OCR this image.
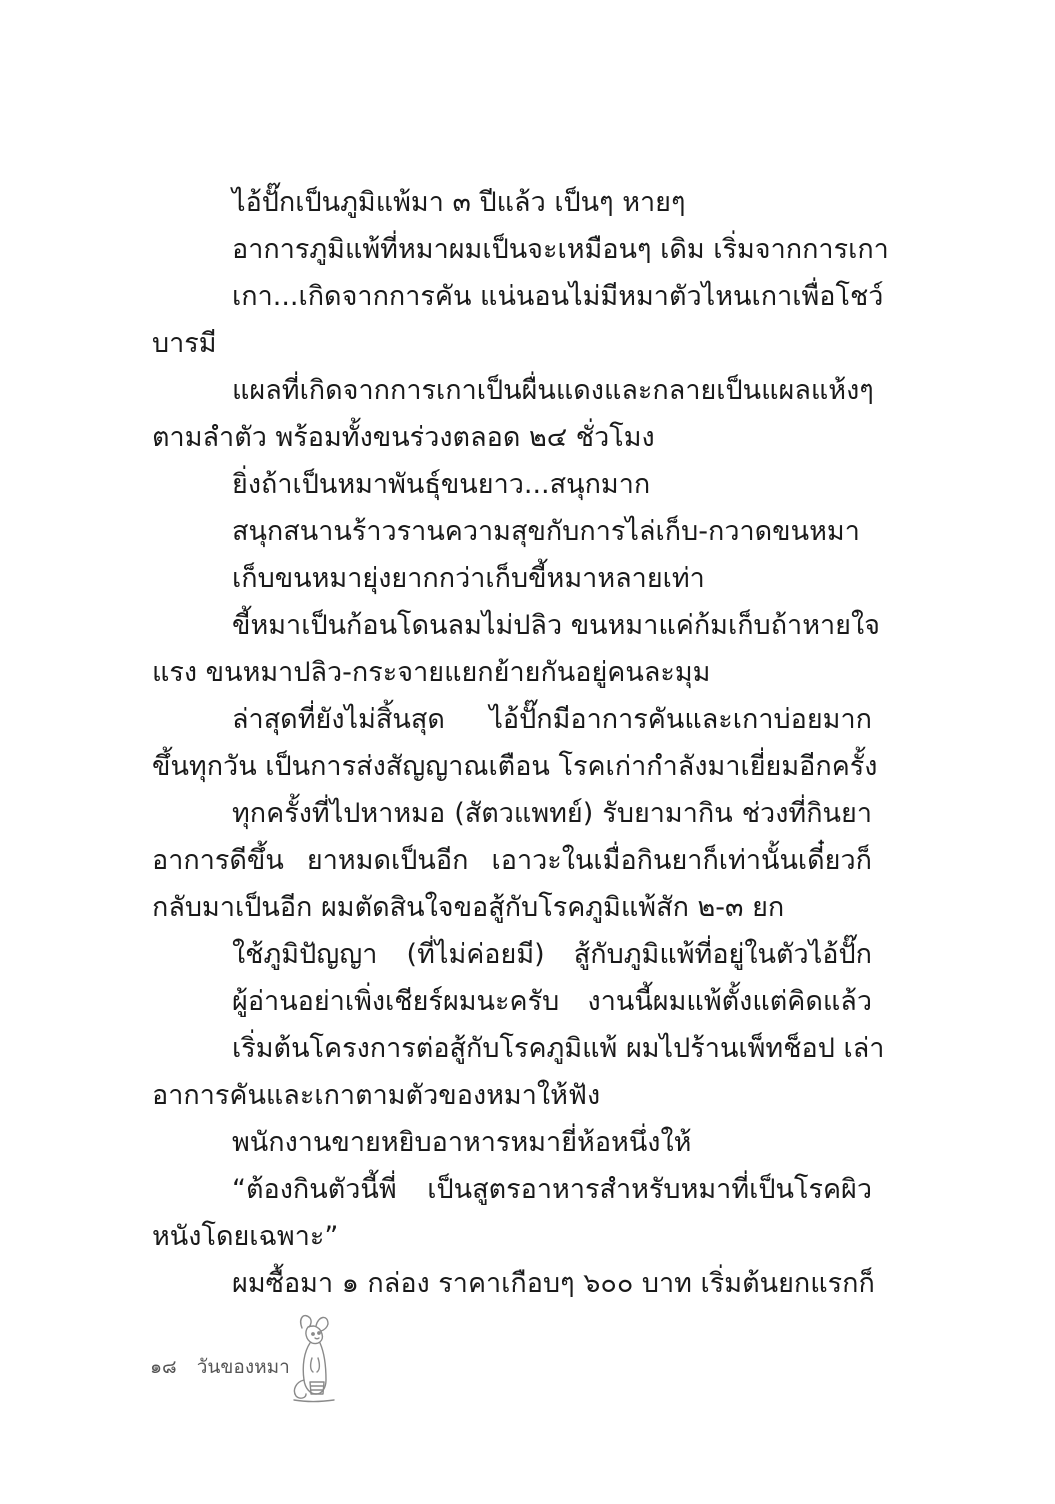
ไอ้ปั๊กเป็นภูมิแพ้มา ๓ ปีแล้ว เป็นๆ หายๆ

อาการภูมิแพ้ที่หมาผมเป็นจะเหมือนๆ เดิม เริ่มจากการเกา

เกา...เกิดจากการคัน แน่นอนไม่มีหมาตัวไหนเกาเพื่อโชว์

บารมี

แผลที่เกิดจากการเกาเป็นผื่นแดงและกลายเป็นแผลแห้งๆ

ตามลำตัว พร้อมทั้งขนร่วงตลอด ๒๔ ชั่วโมง

ยิ่งถ้าเป็นหมาพันธุ์ขนยาว...สนุกมาก

สนุกสนานร้าวรานความสุขกับการไล่เก็บ-กวาดขนหมา

เก็บขนหมายุ่งยากกว่าเก็บขี้หมาหลายเท่า

ขี้หมาเป็นก้อนโดนลมไม่ปลิว ขนหมาแค่ก้มเก็บถ้าหายใจ

แรง ขนหมาปลิว-กระจายแยกย้ายกันอยู่คนละมุม

ล่าสุดที่ยังไม่สิ้นสุด ไอ้ปั๊กมีอาการคันและเกาบ่อยมาก

ขึ้นทุกวัน เป็นการส่งสัญญาณเตือน โรคเก่ากำลังมาเยี่ยมอีกครั้ง

ทุกครั้งที่ไปหาหมอ (สัตวแพทย์) รับยามากิน ช่วงที่กินยา

อาการดีขึ้น ยาหมดเป็นอีก เอาวะในเมื่อกินยาก็เท่านั้นเดี๋ยวก็

กลับมาเป็นอีก ผมตัดสินใจขอสู้กับโรคภูมิแพ้สัก ๒-๓ ยก

ใช้ภูมิปัญญา (ที่ไม่ค่อยมี) สู้กับภูมิแพ้ที่อยู่ในตัวไอ้ปั๊ก

ผู้อ่านอย่าเพิ่งเชียร์ผมนะครับ งานนี้ผมแพ้ตั้งแต่คิดแล้ว

เริ่มต้นโครงการต่อสู้กับโรคภูมิแพ้ ผมไปร้านเพ็ทช็อป เล่า

อาการคันและเกาตามตัวของหมาให้ฟัง

พนักงานขายหยิบอาหารหมายี่ห้อหนึ่งให้

“ต้องกินตัวนี้พี่ เป็นสูตรอาหารสำหรับหมาที่เป็นโรคผิว

หนังโดยเฉพาะ”

ผมซื้อมา ๑ กล่อง ราคาเกือบๆ ๖๐๐ บาท เริ่มต้นยกแรกก็

๑๘ วันของหมา
